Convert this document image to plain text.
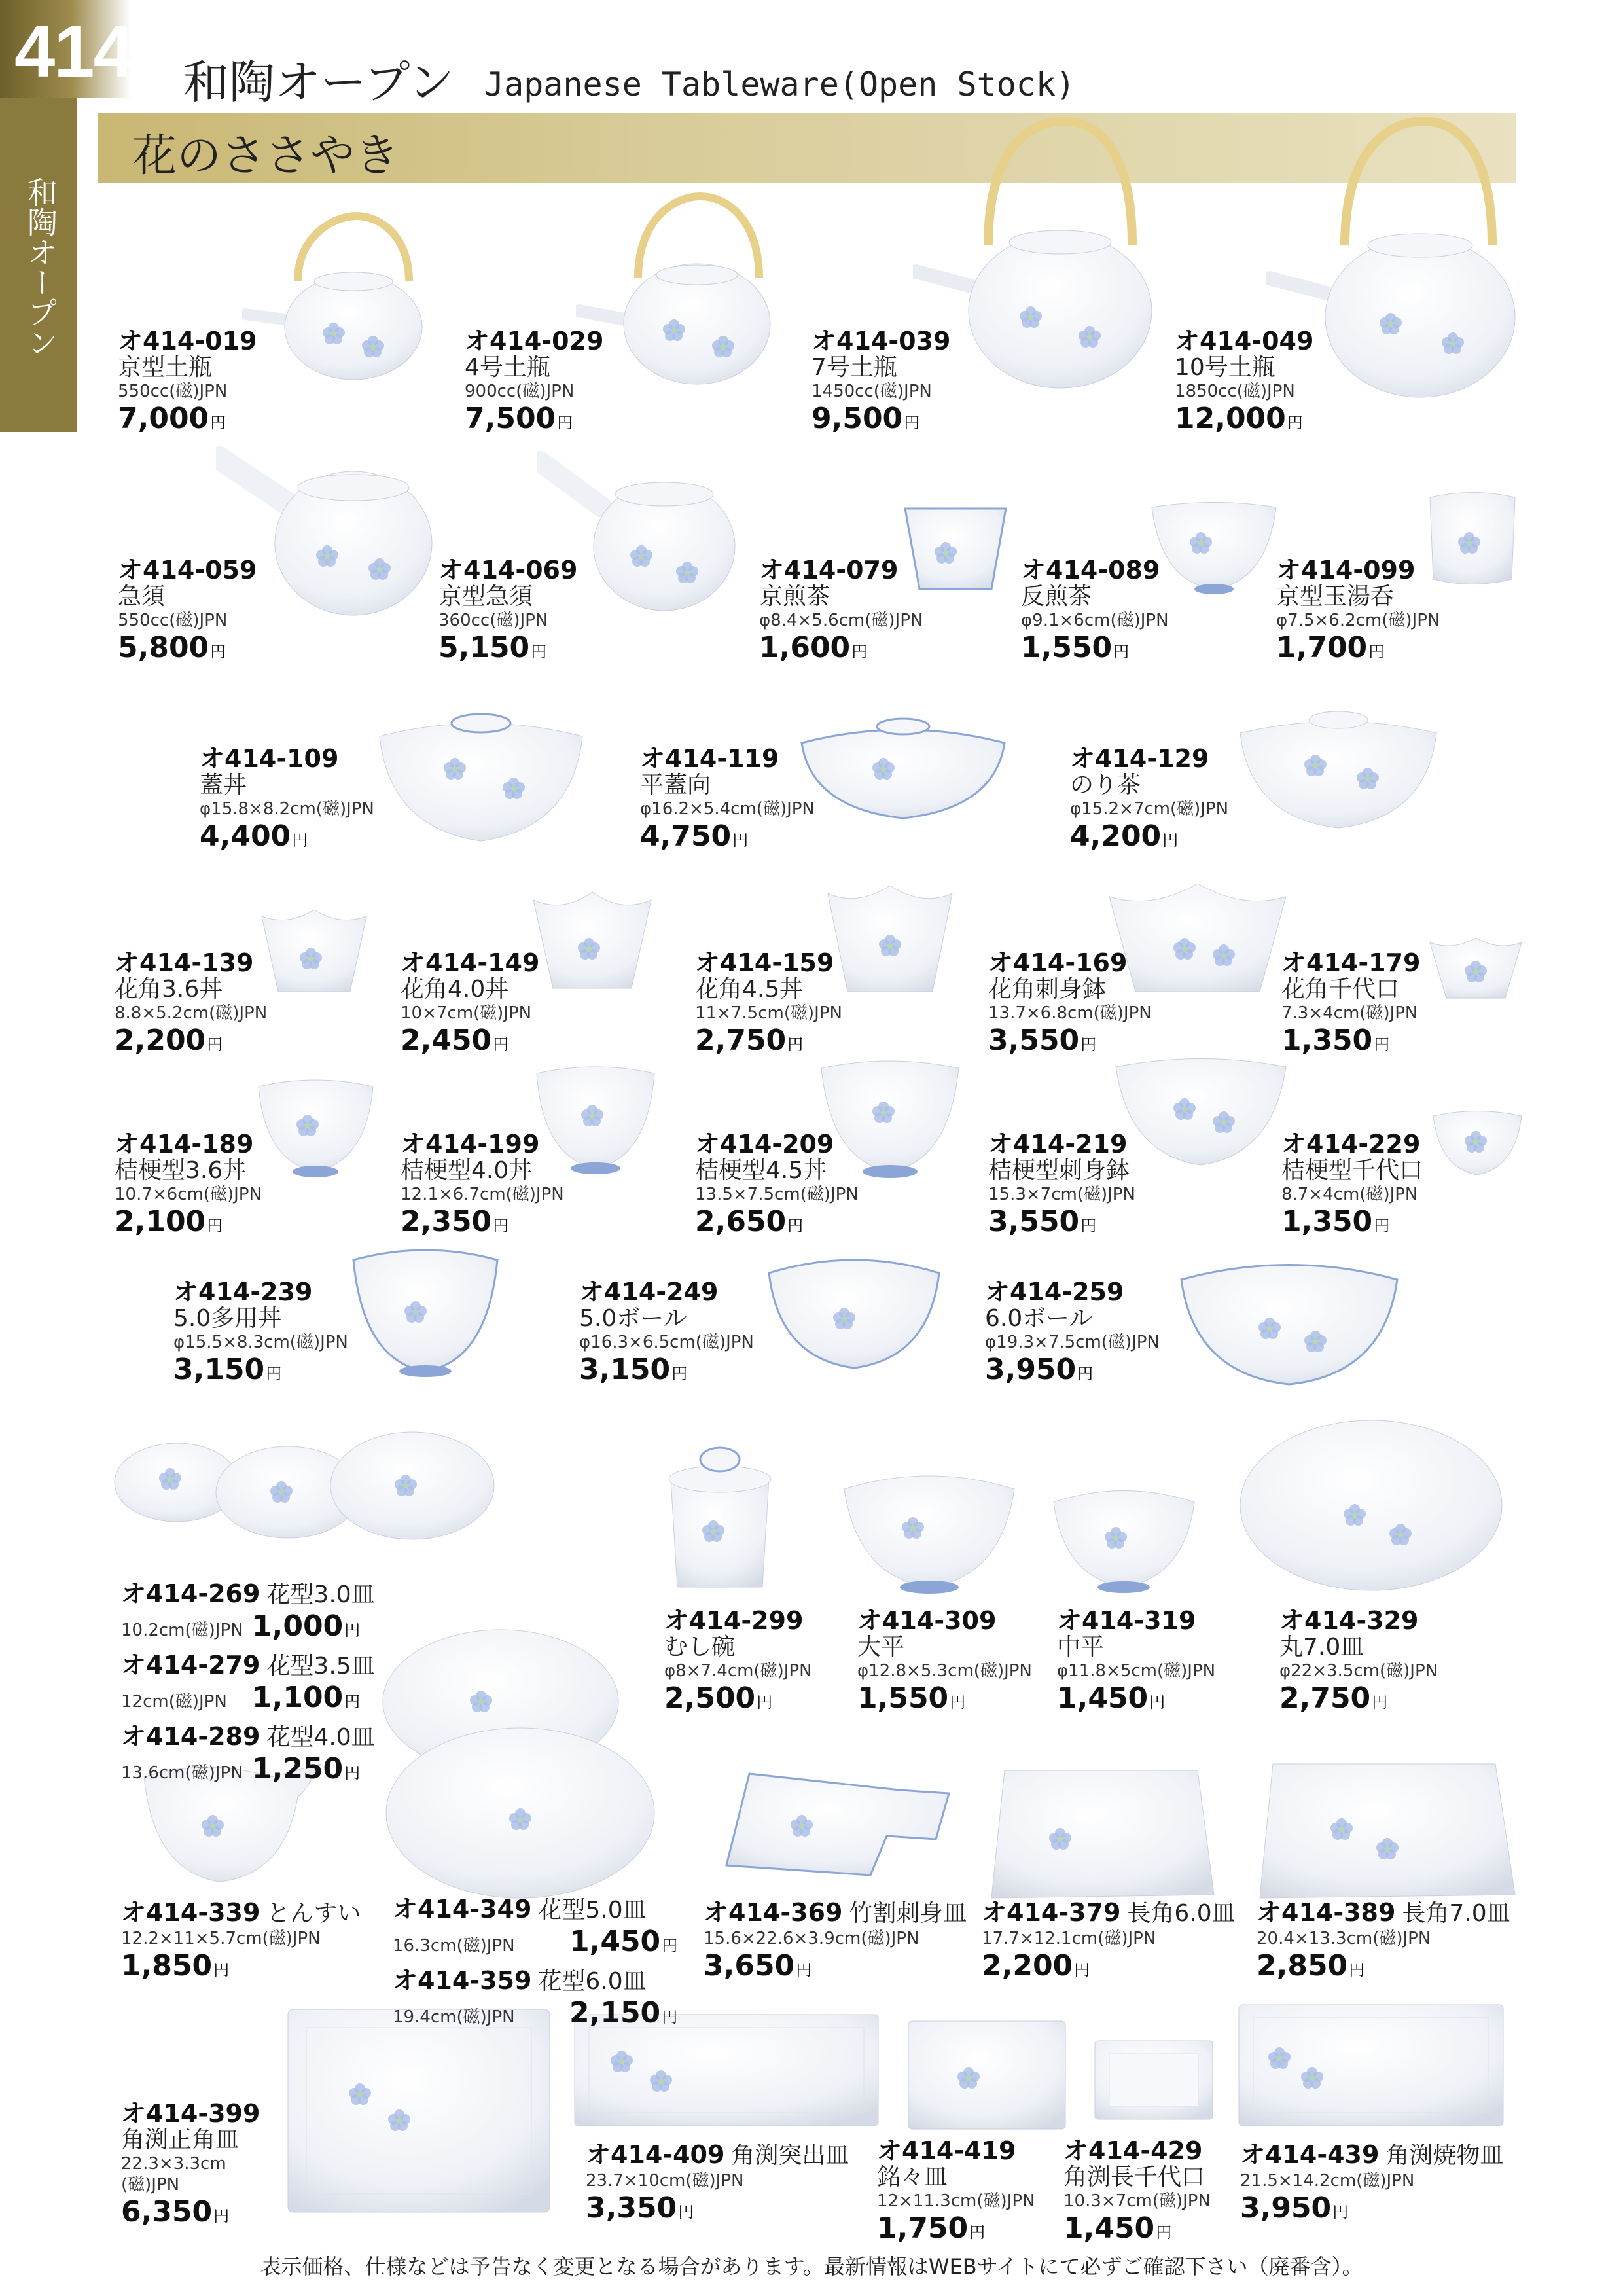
414 和陶オープン Japanese Tableware(Open Stock)
和陶オープン
花のささやき
オ414-019
京型土瓶
550cc(磁)JPN
7,000円
オ414-029
4号土瓶
900cc(磁)JPN
7,500円
オ414-039
7号土瓶
1450cc(磁)JPN
9,500円
オ414-049
10号土瓶
1850cc(磁)JPN
12,000円
オ414-059
急須
550cc(磁)JPN
5,800円
オ414-069
京型急須
360cc(磁)JPN
5,150円
オ414-079
京煎茶
φ8.4×5.6cm(磁)JPN
1,600円
オ414-089
反煎茶
φ9.1×6cm(磁)JPN
1,550円
オ414-099
京型玉湯呑
φ7.5×6.2cm(磁)JPN
1,700円
オ414-109
蓋丼
φ15.8×8.2cm(磁)JPN
4,400円
オ414-119
平蓋向
φ16.2×5.4cm(磁)JPN
4,750円
オ414-129
のり茶
φ15.2×7cm(磁)JPN
4,200円
オ414-139
花角3.6丼
8.8×5.2cm(磁)JPN
2,200円
オ414-149
花角4.0丼
10×7cm(磁)JPN
2,450円
オ414-159
花角4.5丼
11×7.5cm(磁)JPN
2,750円
オ414-169
花角刺身鉢
13.7×6.8cm(磁)JPN
3,550円
オ414-179
花角千代口
7.3×4cm(磁)JPN
1,350円
オ414-189
桔梗型3.6丼
10.7×6cm(磁)JPN
2,100円
オ414-199
桔梗型4.0丼
12.1×6.7cm(磁)JPN
2,350円
オ414-209
桔梗型4.5丼
13.5×7.5cm(磁)JPN
2,650円
オ414-219
桔梗型刺身鉢
15.3×7cm(磁)JPN
3,550円
オ414-229
桔梗型千代口
8.7×4cm(磁)JPN
1,350円
オ414-239
5.0多用丼
φ15.5×8.3cm(磁)JPN
3,150円
オ414-249
5.0ボール
φ16.3×6.5cm(磁)JPN
3,150円
オ414-259
6.0ボール
φ19.3×7.5cm(磁)JPN
3,950円
オ414-269 花型3.0皿
10.2cm(磁)JPN 1,000円
オ414-279 花型3.5皿
12cm(磁)JPN 1,100円
オ414-289 花型4.0皿
13.6cm(磁)JPN 1,250円
オ414-299
むし碗
φ8×7.4cm(磁)JPN
2,500円
オ414-309
大平
φ12.8×5.3cm(磁)JPN
1,550円
オ414-319
中平
φ11.8×5cm(磁)JPN
1,450円
オ414-329
丸7.0皿
φ22×3.5cm(磁)JPN
2,750円
オ414-339 とんすい
12.2×11×5.7cm(磁)JPN
1,850円
オ414-349 花型5.0皿
16.3cm(磁)JPN 1,450円
オ414-359 花型6.0皿
19.4cm(磁)JPN 2,150円
オ414-369 竹割刺身皿
15.6×22.6×3.9cm(磁)JPN
3,650円
オ414-379 長角6.0皿
17.7×12.1cm(磁)JPN
2,200円
オ414-389 長角7.0皿
20.4×13.3cm(磁)JPN
2,850円
オ414-399
角渕正角皿
22.3×3.3cm
(磁)JPN
6,350円
オ414-409 角渕突出皿
23.7×10cm(磁)JPN
3,350円
オ414-419
銘々皿
12×11.3cm(磁)JPN
1,750円
オ414-429
角渕長千代口
10.3×7cm(磁)JPN
1,450円
オ414-439 角渕焼物皿
21.5×14.2cm(磁)JPN
3,950円
表示価格、仕様などは予告なく変更となる場合があります。最新情報はWEBサイトにて必ずご確認下さい（廃番含）。
